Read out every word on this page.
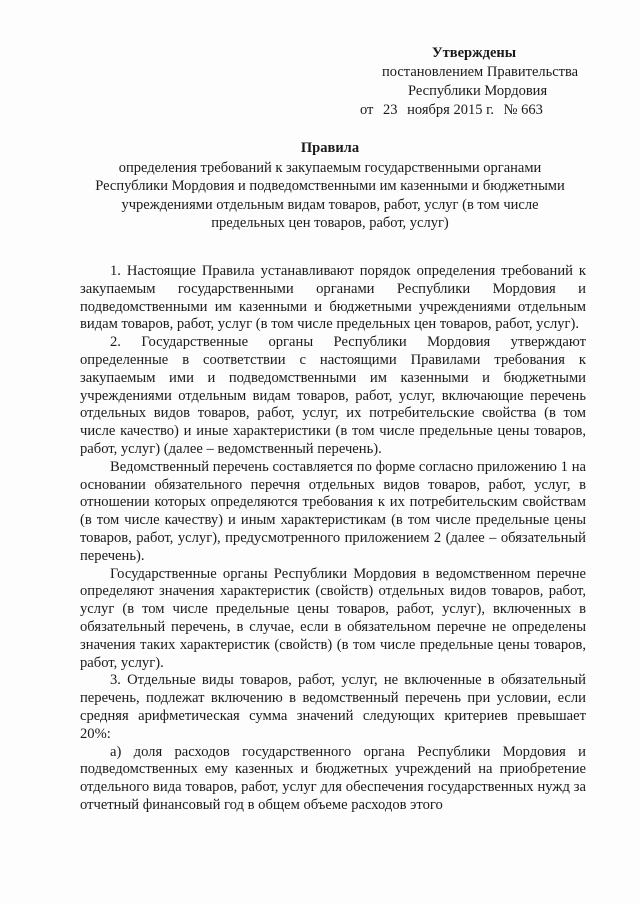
Утверждены
постановлением Правительства
Республики Мордовия
от 23 ноября 2015 г. № 663
Правила
определения требований к закупаемым государственными органами
Республики Мордовия и подведомственными им казенными и бюджетными
учреждениями отдельным видам товаров, работ, услуг (в том числе
предельных цен товаров, работ, услуг)

1. Настоящие Правила устанавливают порядок определения требований к закупаемым государственными органами Республики Мордовия и подведомственными им казенными и бюджетными учреждениями отдельным видам товаров, работ, услуг (в том числе предельных цен товаров, работ, услуг).

2. Государственные органы Республики Мордовия утверждают определенные в соответствии с настоящими Правилами требования к закупаемым ими и подведомственными им казенными и бюджетными учреждениями отдельным видам товаров, работ, услуг, включающие перечень отдельных видов товаров, работ, услуг, их потребительские свойства (в том числе качество) и иные характеристики (в том числе предельные цены товаров, работ, услуг) (далее – ведомственный перечень).

Ведомственный перечень составляется по форме согласно приложению 1 на основании обязательного перечня отдельных видов товаров, работ, услуг, в отношении которых определяются требования к их потребительским свойствам (в том числе качеству) и иным характеристикам (в том числе предельные цены товаров, работ, услуг), предусмотренного приложением 2 (далее – обязательный перечень).

Государственные органы Республики Мордовия в ведомственном перечне определяют значения характеристик (свойств) отдельных видов товаров, работ, услуг (в том числе предельные цены товаров, работ, услуг), включенных в обязательный перечень, в случае, если в обязательном перечне не определены значения таких характеристик (свойств) (в том числе предельные цены товаров, работ, услуг).

3. Отдельные виды товаров, работ, услуг, не включенные в обязательный перечень, подлежат включению в ведомственный перечень при условии, если средняя арифметическая сумма значений следующих критериев превышает 20%:

а) доля расходов государственного органа Республики Мордовия и подведомственных ему казенных и бюджетных учреждений на приобретение отдельного вида товаров, работ, услуг для обеспечения государственных нужд за отчетный финансовый год в общем объеме расходов этого
